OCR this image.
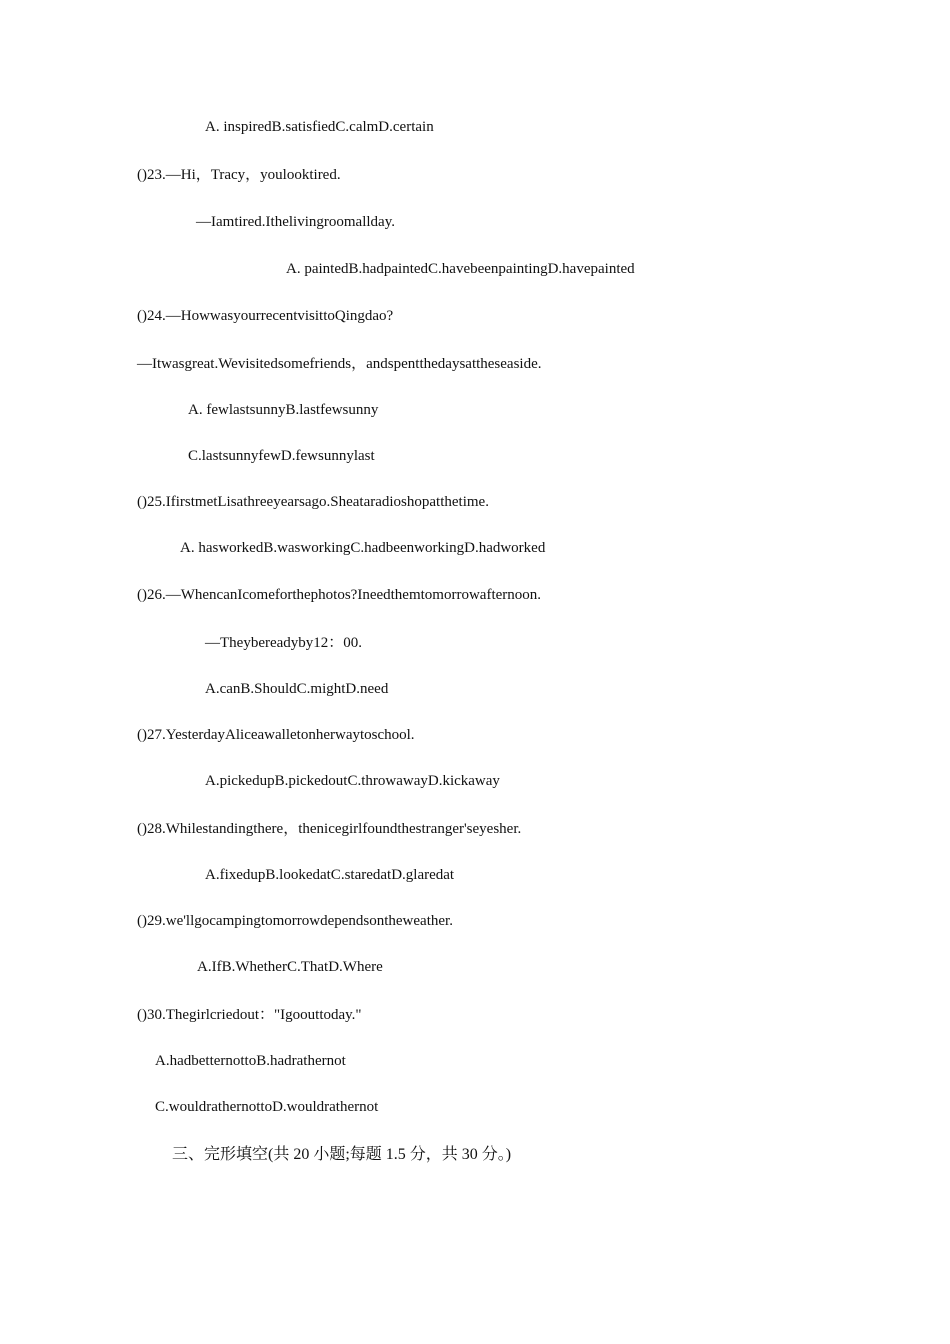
A. inspiredB.satisfiedC.calmD.certain
()23.—Hi，Tracy，youlooktired.
—Iamtired.Ithelivingroomallday.
A. paintedB.hadpaintedC.havebeenpaintingD.havepainted
()24.—HowwasyourrecentvisittoQingdao?
—Itwasgreat.Wevisitedsomefriends，andspentthedaysattheseaside.
A. fewlastsunnyB.lastfewsunny
C.lastsunnyfewD.fewsunnylast
()25.IfirstmetLisathreeyearsago.Sheataradioshopatthetime.
A. hasworkedB.wasworkingC.hadbeenworkingD.hadworked
()26.—WhencanIcomeforthephotos?Ineedthemtomorrowafternoon.
—Theybereadyby12：00.
A.canB.ShouldC.mightD.need
()27.YesterdayAliceawalletonherwaytoschool.
A.pickedupB.pickedoutC.throwawayD.kickaway
()28.Whilestandingthere，thenicegirlfoundthestranger'seyesher.
A.fixedupB.lookedatC.staredatD.glaredat
()29.we'llgocampingtomorrowdependsontheweather.
A.IfB.WhetherC.ThatD.Where
()30.Thegirlcriedout："Igoouttoday."
A.hadbetternottoB.hadrathernot
C.wouldrathernottoD.wouldrathernot
三、完形填空(共 20 小题;每题 1.5 分，共 30 分。)
